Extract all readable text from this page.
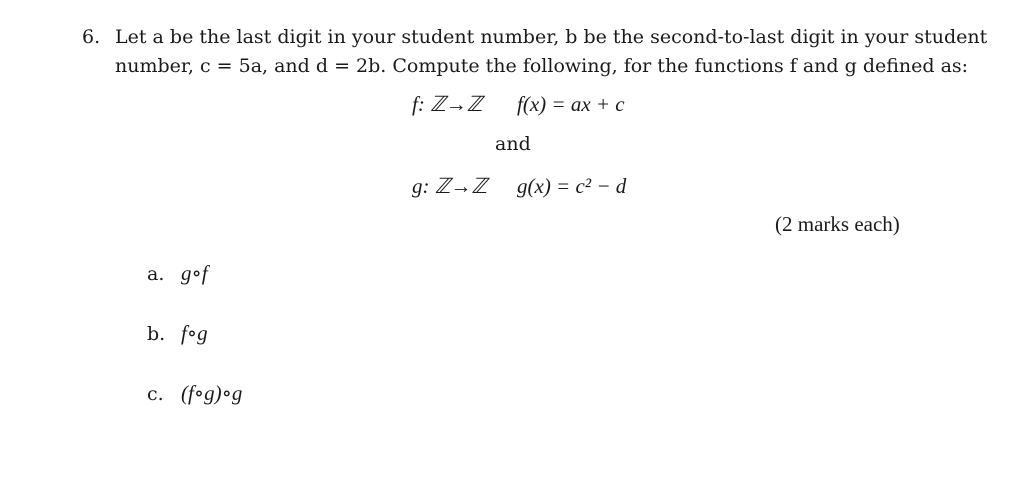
6. Let a be the last digit in your student number, b be the second-to-last digit in your student
number, c = 5a, and d = 2b. Compute the following, for the functions f and g defined as:
f: ℤ→ℤ f(x) = ax + c
and
g: ℤ→ℤ g(x) = c² − d
(2 marks each)
a. g∘f
b. f∘g
c. (f∘g)∘g
